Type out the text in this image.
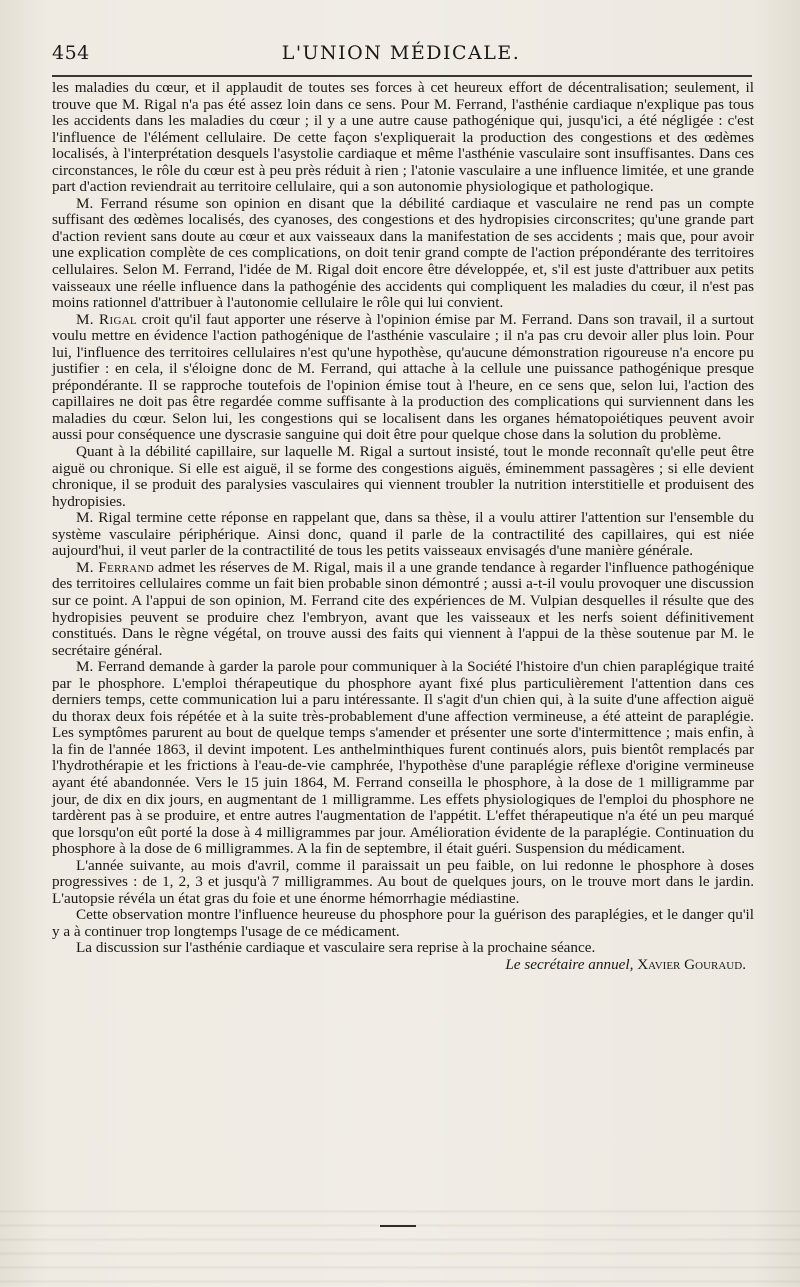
454	L'UNION MÉDICALE.

les maladies du cœur, et il applaudit de toutes ses forces à cet heureux effort de décentralisation; seulement, il trouve que M. Rigal n'a pas été assez loin dans ce sens. Pour M. Ferrand, l'asthénie cardiaque n'explique pas tous les accidents dans les maladies du cœur ; il y a une autre cause pathogénique qui, jusqu'ici, a été négligée : c'est l'influence de l'élément cellulaire. De cette façon s'expliquerait la production des congestions et des œdèmes localisés, à l'interprétation desquels l'asystolie cardiaque et même l'asthénie vasculaire sont insuffisantes. Dans ces circonstances, le rôle du cœur est à peu près réduit à rien ; l'atonie vasculaire a une influence limitée, et une grande part d'action reviendrait au territoire cellulaire, qui a son autonomie physiologique et pathologique.

M. Ferrand résume son opinion en disant que la débilité cardiaque et vasculaire ne rend pas un compte suffisant des œdèmes localisés, des cyanoses, des congestions et des hydropisies circonscrites; qu'une grande part d'action revient sans doute au cœur et aux vaisseaux dans la manifestation de ses accidents ; mais que, pour avoir une explication complète de ces complications, on doit tenir grand compte de l'action prépondérante des territoires cellulaires. Selon M. Ferrand, l'idée de M. Rigal doit encore être développée, et, s'il est juste d'attribuer aux petits vaisseaux une réelle influence dans la pathogénie des accidents qui compliquent les maladies du cœur, il n'est pas moins rationnel d'attribuer à l'autonomie cellulaire le rôle qui lui convient.

M. Rigal croit qu'il faut apporter une réserve à l'opinion émise par M. Ferrand. Dans son travail, il a surtout voulu mettre en évidence l'action pathogénique de l'asthénie vasculaire ; il n'a pas cru devoir aller plus loin. Pour lui, l'influence des territoires cellulaires n'est qu'une hypothèse, qu'aucune démonstration rigoureuse n'a encore pu justifier : en cela, il s'éloigne donc de M. Ferrand, qui attache à la cellule une puissance pathogénique presque prépondérante. Il se rapproche toutefois de l'opinion émise tout à l'heure, en ce sens que, selon lui, l'action des capillaires ne doit pas être regardée comme suffisante à la production des complications qui surviennent dans les maladies du cœur. Selon lui, les congestions qui se localisent dans les organes hématopoiétiques peuvent avoir aussi pour conséquence une dyscrasie sanguine qui doit être pour quelque chose dans la solution du problème.

Quant à la débilité capillaire, sur laquelle M. Rigal a surtout insisté, tout le monde reconnaît qu'elle peut être aiguë ou chronique. Si elle est aiguë, il se forme des congestions aiguës, éminemment passagères ; si elle devient chronique, il se produit des paralysies vasculaires qui viennent troubler la nutrition interstitielle et produisent des hydropisies.

M. Rigal termine cette réponse en rappelant que, dans sa thèse, il a voulu attirer l'attention sur l'ensemble du système vasculaire périphérique. Ainsi donc, quand il parle de la contractilité des capillaires, qui est niée aujourd'hui, il veut parler de la contractilité de tous les petits vaisseaux envisagés d'une manière générale.

M. Ferrand admet les réserves de M. Rigal, mais il a une grande tendance à regarder l'influence pathogénique des territoires cellulaires comme un fait bien probable sinon démontré ; aussi a-t-il voulu provoquer une discussion sur ce point. A l'appui de son opinion, M. Ferrand cite des expériences de M. Vulpian desquelles il résulte que des hydropisies peuvent se produire chez l'embryon, avant que les vaisseaux et les nerfs soient définitivement constitués. Dans le règne végétal, on trouve aussi des faits qui viennent à l'appui de la thèse soutenue par M. le secrétaire général.

M. Ferrand demande à garder la parole pour communiquer à la Société l'histoire d'un chien paraplégique traité par le phosphore. L'emploi thérapeutique du phosphore ayant fixé plus particulièrement l'attention dans ces derniers temps, cette communication lui a paru intéressante. Il s'agit d'un chien qui, à la suite d'une affection aiguë du thorax deux fois répétée et à la suite très-probablement d'une affection vermineuse, a été atteint de paraplégie. Les symptômes parurent au bout de quelque temps s'amender et présenter une sorte d'intermittence ; mais enfin, à la fin de l'année 1863, il devint impotent. Les anthelminthiques furent continués alors, puis bientôt remplacés par l'hydrothérapie et les frictions à l'eau-de-vie camphrée, l'hypothèse d'une paraplégie réflexe d'origine vermineuse ayant été abandonnée. Vers le 15 juin 1864, M. Ferrand conseilla le phosphore, à la dose de 1 milligramme par jour, de dix en dix jours, en augmentant de 1 milligramme. Les effets physiologiques de l'emploi du phosphore ne tardèrent pas à se produire, et entre autres l'augmentation de l'appétit. L'effet thérapeutique n'a été un peu marqué que lorsqu'on eût porté la dose à 4 milligrammes par jour. Amélioration évidente de la paraplégie. Continuation du phosphore à la dose de 6 milligrammes. A la fin de septembre, il était guéri. Suspension du médicament.

L'année suivante, au mois d'avril, comme il paraissait un peu faible, on lui redonne le phosphore à doses progressives : de 1, 2, 3 et jusqu'à 7 milligrammes. Au bout de quelques jours, on le trouve mort dans le jardin. L'autopsie révéla un état gras du foie et une énorme hémorrhagie médiastine.

Cette observation montre l'influence heureuse du phosphore pour la guérison des paraplégies, et le danger qu'il y a à continuer trop longtemps l'usage de ce médicament.

La discussion sur l'asthénie cardiaque et vasculaire sera reprise à la prochaine séance.

Le secrétaire annuel, Xavier Gouraud.
